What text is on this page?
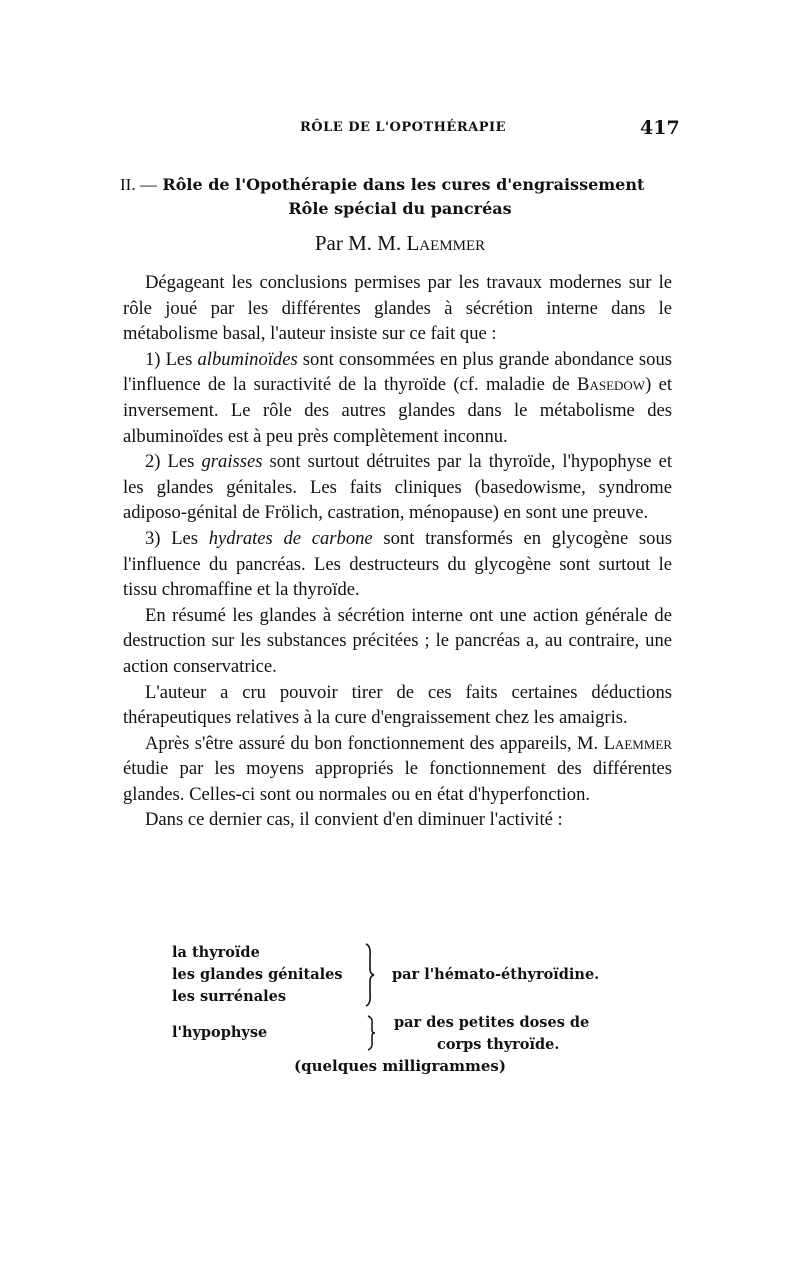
RÔLE DE L'OPOTHÉRAPIE	417
II. — Rôle de l'Opothérapie dans les cures d'engraissement
Rôle spécial du pancréas
Par M. M. Laemmer

Dégageant les conclusions permises par les travaux modernes sur le rôle joué par les différentes glandes à sécrétion interne dans le métabolisme basal, l'auteur insiste sur ce fait que :

1) Les albuminoïdes sont consommées en plus grande abondance sous l'influence de la suractivité de la thyroïde (cf. maladie de Basedow) et inversement. Le rôle des autres glandes dans le métabolisme des albuminoïdes est à peu près complètement inconnu.

2) Les graisses sont surtout détruites par la thyroïde, l'hypophyse et les glandes génitales. Les faits cliniques (basedowisme, syndrome adiposo-génital de Frölich, castration, ménopause) en sont une preuve.

3) Les hydrates de carbone sont transformés en glycogène sous l'influence du pancréas. Les destructeurs du glycogène sont surtout le tissu chromaffine et la thyroïde.

En résumé les glandes à sécrétion interne ont une action générale de destruction sur les substances précitées ; le pancréas a, au contraire, une action conservatrice.

L'auteur a cru pouvoir tirer de ces faits certaines déductions thérapeutiques relatives à la cure d'engraissement chez les amaigris.

Après s'être assuré du bon fonctionnement des appareils, M. Laemmer étudie par les moyens appropriés le fonctionnement des différentes glandes. Celles-ci sont ou normales ou en état d'hyperfonction.

Dans ce dernier cas, il convient d'en diminuer l'activité :

la thyroïde
les glandes génitales
les surrénales
par l'hémato-éthyroïdine.
l'hypophyse
par des petites doses de
corps thyroïde.
(quelques milligrammes)
